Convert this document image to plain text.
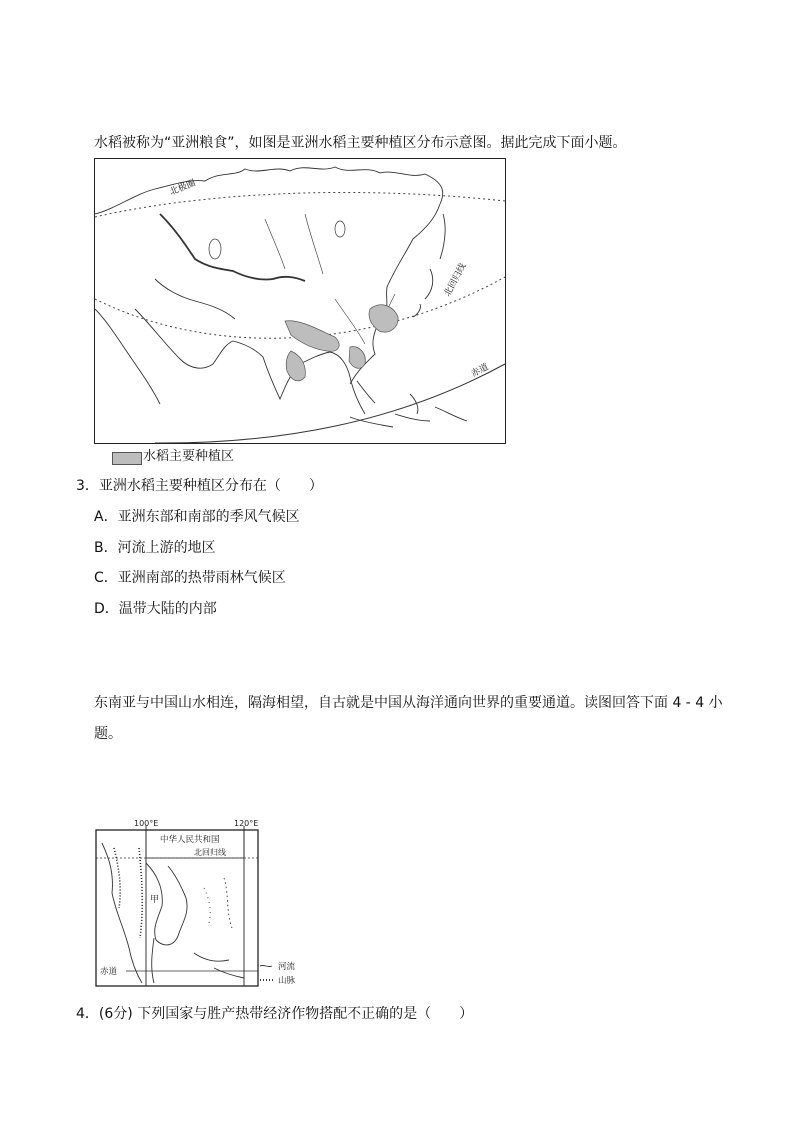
水稻被称为“亚洲粮食”，如图是亚洲水稻主要种植区分布示意图。据此完成下面小题。
北极圈
北回归线
赤道
水稻主要种植区
3．亚洲水稻主要种植区分布在（　　）
A．亚洲东部和南部的季风气候区
B．河流上游的地区
C．亚洲南部的热带雨林气候区
D．温带大陆的内部
东南亚与中国山水相连，隔海相望，自古就是中国从海洋通向世界的重要通道。读图回答下面 4 - 4 小
题。
100°E	120°E
中华人民共和国
北回归线
甲
赤道	河流
山脉
4．(6分) 下列国家与胜产热带经济作物搭配不正确的是（　　）
